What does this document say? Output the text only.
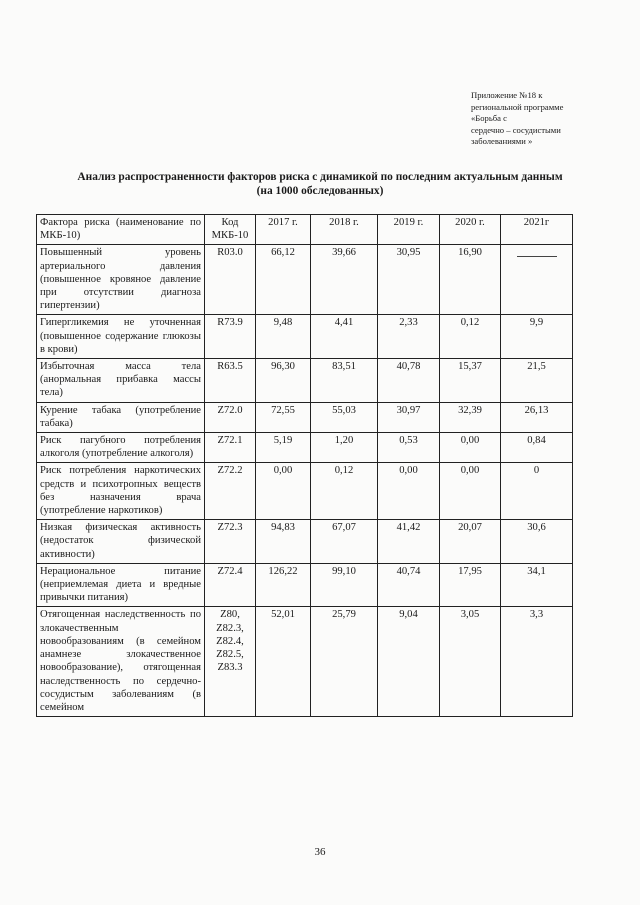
Приложение №18 к
региональной программе
«Борьба с
сердечно – сосудистыми
заболеваниями »
Анализ распространенности факторов риска с динамикой по последним актуальным данным
(на 1000 обследованных)
Фактора риска (наименование по МКБ-10)	Код МКБ-10	2017 г.	2018 г.	2019 г.	2020 г.	2021г
Повышенный уровень артериального давления (повышенное кровяное давление при отсутствии диагноза гипертензии)	R03.0	66,12	39,66	30,95	16,90	
Гипергликемия не уточненная (повышенное содержание глюкозы в крови)	R73.9	9,48	4,41	2,33	0,12	9,9
Избыточная масса тела (анормальная прибавка массы тела)	R63.5	96,30	83,51	40,78	15,37	21,5
Курение табака (употребление табака)	Z72.0	72,55	55,03	30,97	32,39	26,13
Риск пагубного потребления алкоголя (употребление алкоголя)	Z72.1	5,19	1,20	0,53	0,00	0,84
Риск потребления наркотических средств и психотропных веществ без назначения врача (употребление наркотиков)	Z72.2	0,00	0,12	0,00	0,00	0
Низкая физическая активность (недостаток физической активности)	Z72.3	94,83	67,07	41,42	20,07	30,6
Нерациональное питание (неприемлемая диета и вредные привычки питания)	Z72.4	126,22	99,10	40,74	17,95	34,1
Отягощенная наследственность по злокачественным новообразованиям (в семейном анамнезе злокачественное новообразование), отягощенная наследственность по сердечно-сосудистым заболеваниям (в семейном	Z80, Z82.3, Z82.4, Z82.5, Z83.3	52,01	25,79	9,04	3,05	3,3
36
